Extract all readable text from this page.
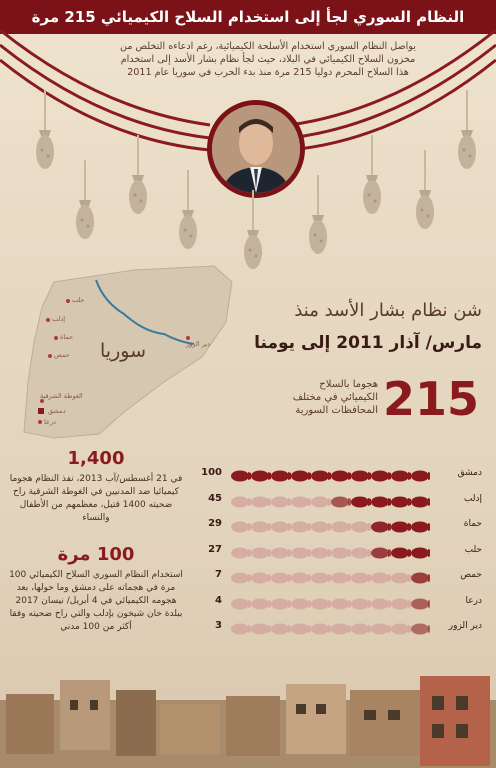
النظام السوري لجأ إلى استخدام السلاح الكيميائي 215 مرة
يواصل النظام السوري استخدام الأسلحة الكيميائية، رغم ادعاءه التخلص من مخزون السلاح الكيميائي في البلاد، حيث لجأ نظام بشار الأسد إلى استخدام هذا السلاح المحرم دوليا 215 مرة منذ بدء الحرب في سوريا عام 2011
سوريا
حلب
إدلب
حماة
حمص
الغوطة الشرقية
دمشق
درعا
دير الزور
شن نظام بشار الأسد منذ
مارس/ آذار 2011 إلى يومنا
215
هجوما بالسلاح الكيميائي في مختلف المحافظات السورية
1,400
في 21 أغسطس/آب 2013، نفذ النظام هجوما كيميائيا ضد المدنيين في الغوطة الشرقية راح ضحيته 1400 قتيل، معظمهم من الأطفال والنساء
100 مرة
استخدام النظام السوري السلاح الكيميائي 100 مرة في هجماته على دمشق وما حولها، بعد هجومه الكيميائي في 4 أبريل/ نيسان 2017 ببلدة خان شيخون بإدلب والتي راح ضحيته وفقا أكثر من 100 مدني
100	دمشق
45	إدلب
29	حماة
27	حلب
7	حمص
4	درعا
3	دير الزور
